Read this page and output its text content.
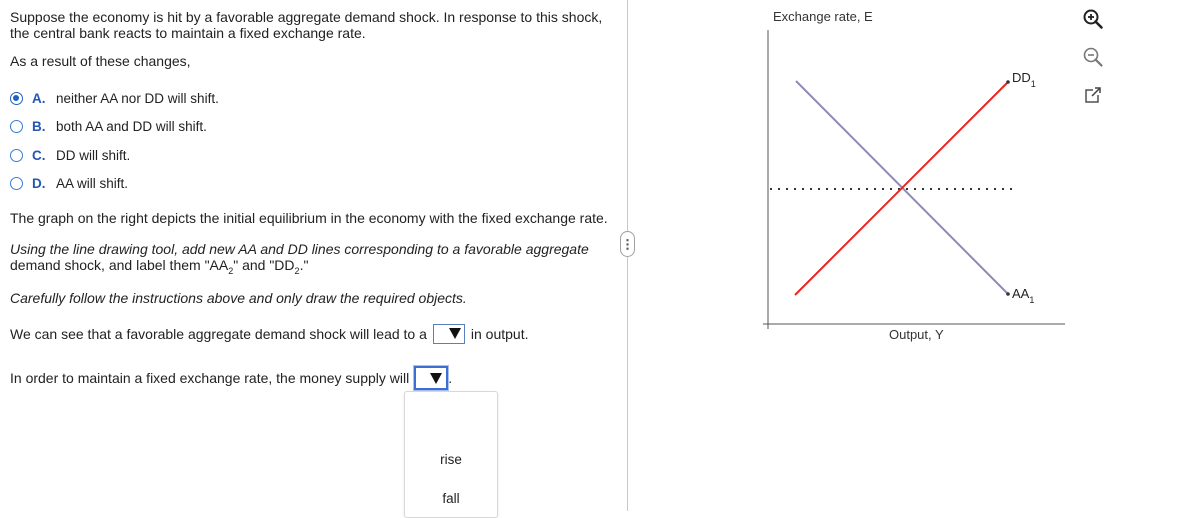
Suppose the economy is hit by a favorable aggregate demand shock. In response to this shock,
the central bank reacts to maintain a fixed exchange rate.
As a result of these changes,
A. neither AA nor DD will shift.
B. both AA and DD will shift.
C. DD will shift.
D. AA will shift.
The graph on the right depicts the initial equilibrium in the economy with the fixed exchange rate.
Using the line drawing tool, add new AA and DD lines corresponding to a favorable aggregate
demand shock, and label them "$AA_2$" and "$DD_2$."
Carefully follow the instructions above and only draw the required objects.
We can see that a favorable aggregate demand shock will lead to a	in output.
In order to maintain a fixed exchange rate, the money supply will	.
rise
fall
Exchange rate, E
Output, Y
$DD_1$
$AA_1$
